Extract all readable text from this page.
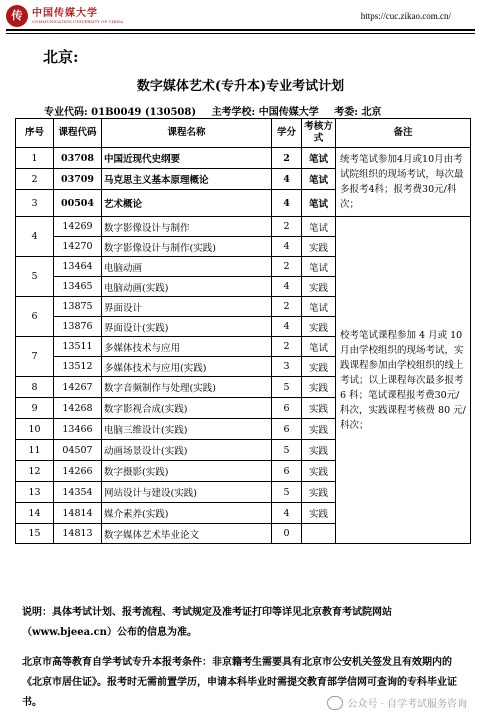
传 中国传媒大学
COMMUNICATION UNIVERSITY OF CHINA
https://cuc.zikao.com.cn/
北京:
数字媒体艺术(专升本)专业考试计划
专业代码: 01B0049 (130508) 主考学校: 中国传媒大学 考委: 北京
序号	课程代码	课程名称	学分	考核方式	备注
1	03708	中国近现代史纲要	2	笔试	统考笔试参加4月或10月由考试院组织的现场考试，每次最多报考4科；报考费30元/科次；
2	03709	马克思主义基本原理概论	4	笔试	
3	00504	艺术概论	4	笔试	
4	14269	数字影像设计与制作	2	笔试	校考笔试课程参加 4 月或 10 月由学校组织的现场考试，实践课程参加由学校组织的线上考试；以上课程每次最多报考 6 科；笔试课程报考费30元/科次，实践课程考核费 80 元/科次；
	14270	数字影像设计与制作(实践)	4	实践	
5	13464	电脑动画	2	笔试	
	13465	电脑动画(实践)	4	实践	
6	13875	界面设计	2	笔试	
	13876	界面设计(实践)	4	实践	
7	13511	多媒体技术与应用	2	笔试	
	13512	多媒体技术与应用(实践)	3	实践	
8	14267	数字音频制作与处理(实践)	5	实践	
9	14268	数字影视合成(实践)	6	实践	
10	13466	电脑三维设计(实践)	6	实践	
11	04507	动画场景设计(实践)	5	实践	
12	14266	数字摄影(实践)	6	实践	
13	14354	网站设计与建设(实践)	5	实践	
14	14814	媒介素养(实践)	4	实践	
15	14813	数字媒体艺术毕业论文	0		
说明：具体考试计划、报考流程、考试规定及准考证打印等详见北京教育考试院网站（www.bjeea.cn）公布的信息为准。
北京市高等教育自学考试专升本报考条件：非京籍考生需要具有北京市公安机关签发且有效期内的《北京市居住证》。报考时无需前置学历，申请本科毕业时需提交教育部学信网可查询的专科毕业证书。	公众号 · 自学考试服务咨询
